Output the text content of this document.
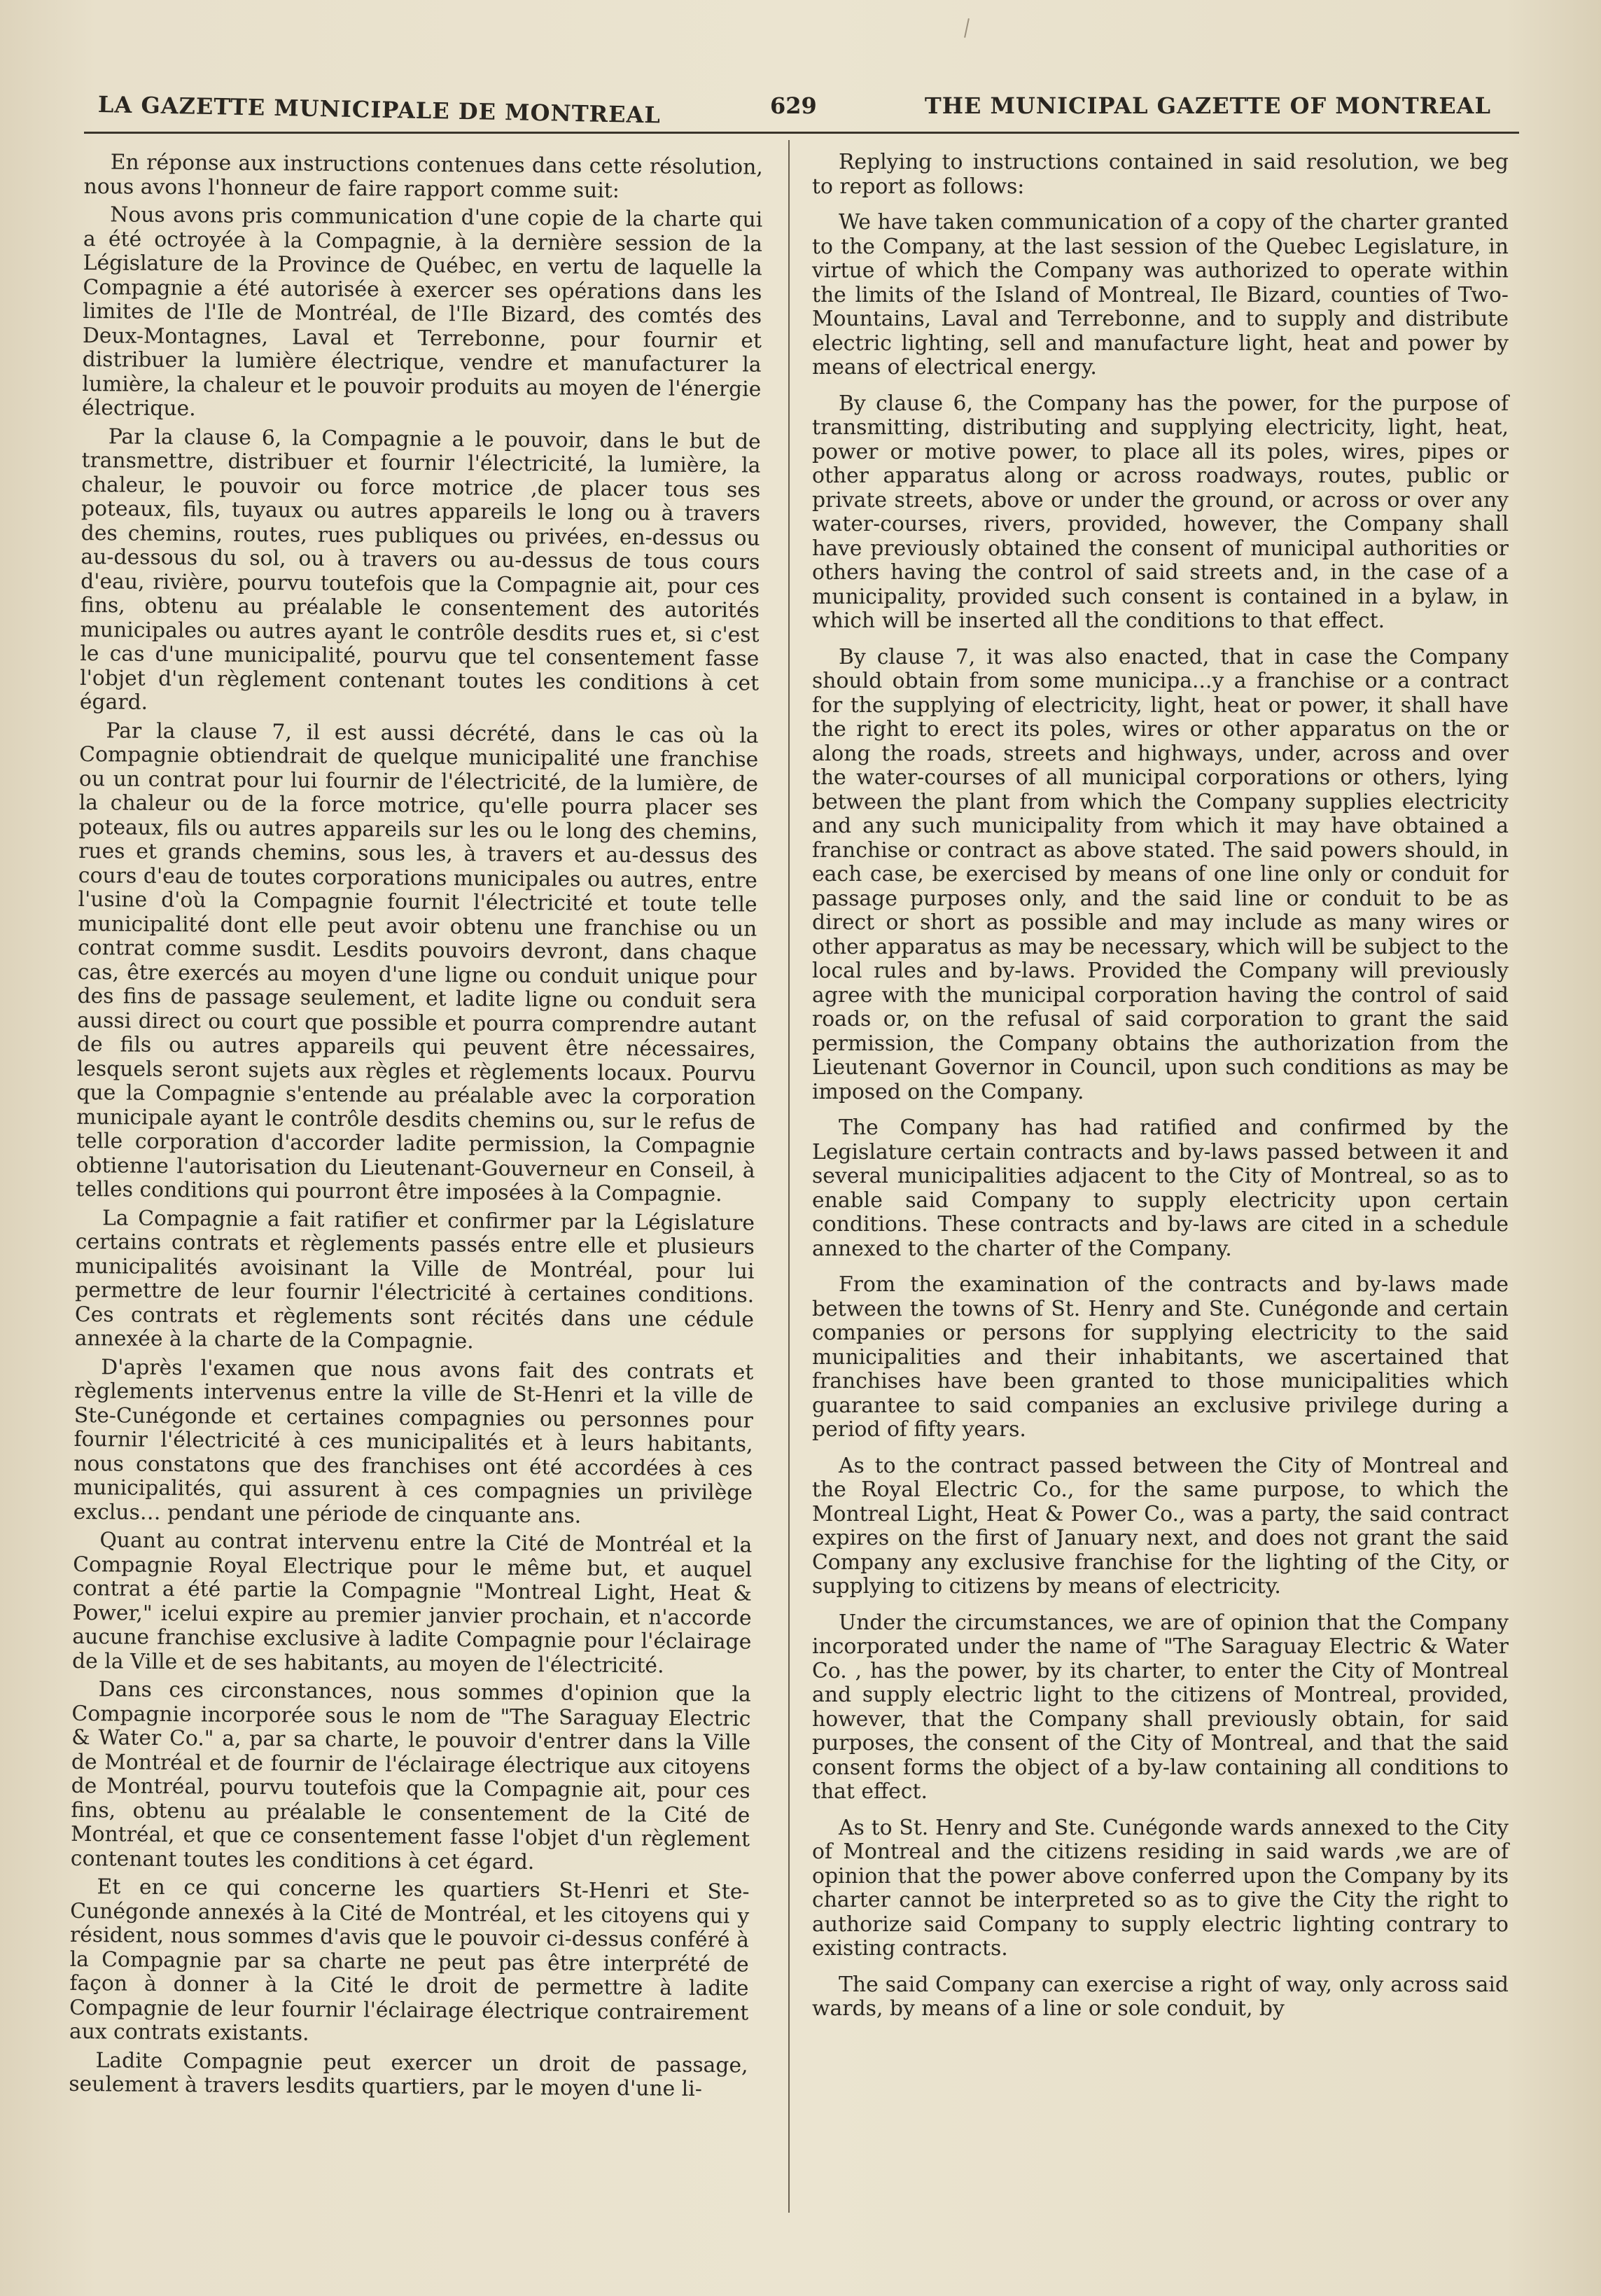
LA GAZETTE MUNICIPALE DE MONTREAL	629	THE MUNICIPAL GAZETTE OF MONTREAL

En réponse aux instructions contenues dans cette résolution, nous avons l'honneur de faire rapport comme suit:

Nous avons pris communication d'une copie de la charte qui a été octroyée à la Compagnie, à la dernière session de la Législature de la Province de Québec, en vertu de laquelle la Compagnie a été autorisée à exercer ses opérations dans les limites de l'Ile de Montréal, de l'Ile Bizard, des comtés des Deux-Montagnes, Laval et Terrebonne, pour fournir et distribuer la lumière électrique, vendre et manufacturer la lumière, la chaleur et le pouvoir produits au moyen de l'énergie électrique.

Par la clause 6, la Compagnie a le pouvoir, dans le but de transmettre, distribuer et fournir l'électricité, la lumière, la chaleur, le pouvoir ou force motrice ,de placer tous ses poteaux, fils, tuyaux ou autres appareils le long ou à travers des chemins, routes, rues publiques ou privées, en-dessus ou au-dessous du sol, ou à travers ou au-dessus de tous cours d'eau, rivière, pourvu toutefois que la Compagnie ait, pour ces fins, obtenu au préalable le consentement des autorités municipales ou autres ayant le contrôle desdits rues et, si c'est le cas d'une municipalité, pourvu que tel consentement fasse l'objet d'un règlement contenant toutes les conditions à cet égard.

Par la clause 7, il est aussi décrété, dans le cas où la Compagnie obtiendrait de quelque municipalité une franchise ou un contrat pour lui fournir de l'électricité, de la lumière, de la chaleur ou de la force motrice, qu'elle pourra placer ses poteaux, fils ou autres appareils sur les ou le long des chemins, rues et grands chemins, sous les, à travers et au-dessus des cours d'eau de toutes corporations municipales ou autres, entre l'usine d'où la Compagnie fournit l'électricité et toute telle municipalité dont elle peut avoir obtenu une franchise ou un contrat comme susdit. Lesdits pouvoirs devront, dans chaque cas, être exercés au moyen d'une ligne ou conduit unique pour des fins de passage seulement, et ladite ligne ou conduit sera aussi direct ou court que possible et pourra comprendre autant de fils ou autres appareils qui peuvent être nécessaires, lesquels seront sujets aux règles et règlements locaux. Pourvu que la Compagnie s'entende au préalable avec la corporation municipale ayant le contrôle desdits chemins ou, sur le refus de telle corporation d'accorder ladite permission, la Compagnie obtienne l'autorisation du Lieutenant-Gouverneur en Conseil, à telles conditions qui pourront être imposées à la Compagnie.

La Compagnie a fait ratifier et confirmer par la Législature certains contrats et règlements passés entre elle et plusieurs municipalités avoisinant la Ville de Montréal, pour lui permettre de leur fournir l'électricité à certaines conditions. Ces contrats et règlements sont récités dans une cédule annexée à la charte de la Compagnie.

D'après l'examen que nous avons fait des contrats et règlements intervenus entre la ville de St-Henri et la ville de Ste-Cunégonde et certaines compagnies ou personnes pour fournir l'électricité à ces municipalités et à leurs habitants, nous constatons que des franchises ont été accordées à ces municipalités, qui assurent à ces compagnies un privilège exclus… pendant une période de cinquante ans.

Quant au contrat intervenu entre la Cité de Montréal et la Compagnie Royal Electrique pour le même but, et auquel contrat a été partie la Compagnie "Montreal Light, Heat & Power," icelui expire au premier janvier prochain, et n'accorde aucune franchise exclusive à ladite Compagnie pour l'éclairage de la Ville et de ses habitants, au moyen de l'électricité.

Dans ces circonstances, nous sommes d'opinion que la Compagnie incorporée sous le nom de "The Saraguay Electric & Water Co." a, par sa charte, le pouvoir d'entrer dans la Ville de Montréal et de fournir de l'éclairage électrique aux citoyens de Montréal, pourvu toutefois que la Compagnie ait, pour ces fins, obtenu au préalable le consentement de la Cité de Montréal, et que ce consentement fasse l'objet d'un règlement contenant toutes les conditions à cet égard.

Et en ce qui concerne les quartiers St-Henri et Ste-Cunégonde annexés à la Cité de Montréal, et les citoyens qui y résident, nous sommes d'avis que le pouvoir ci-dessus conféré à la Compagnie par sa charte ne peut pas être interprété de façon à donner à la Cité le droit de permettre à ladite Compagnie de leur fournir l'éclairage électrique contrairement aux contrats existants.

Ladite Compagnie peut exercer un droit de passage, seulement à travers lesdits quartiers, par le moyen d'une li-

Replying to instructions contained in said resolution, we beg to report as follows:

We have taken communication of a copy of the charter granted to the Company, at the last session of the Quebec Legislature, in virtue of which the Company was authorized to operate within the limits of the Island of Montreal, Ile Bizard, counties of Two-Mountains, Laval and Terrebonne, and to supply and distribute electric lighting, sell and manufacture light, heat and power by means of electrical energy.

By clause 6, the Company has the power, for the purpose of transmitting, distributing and supplying electricity, light, heat, power or motive power, to place all its poles, wires, pipes or other apparatus along or across roadways, routes, public or private streets, above or under the ground, or across or over any water-courses, rivers, provided, however, the Company shall have previously obtained the consent of municipal authorities or others having the control of said streets and, in the case of a municipality, provided such consent is contained in a bylaw, in which will be inserted all the conditions to that effect.

By clause 7, it was also enacted, that in case the Company should obtain from some municipa...y a franchise or a contract for the supplying of electricity, light, heat or power, it shall have the right to erect its poles, wires or other apparatus on the or along the roads, streets and highways, under, across and over the water-courses of all municipal corporations or others, lying between the plant from which the Company supplies electricity and any such municipality from which it may have obtained a franchise or contract as above stated. The said powers should, in each case, be exercised by means of one line only or conduit for passage purposes only, and the said line or conduit to be as direct or short as possible and may include as many wires or other apparatus as may be necessary, which will be subject to the local rules and by-laws. Provided the Company will previously agree with the municipal corporation having the control of said roads or, on the refusal of said corporation to grant the said permission, the Company obtains the authorization from the Lieutenant Governor in Council, upon such conditions as may be imposed on the Company.

The Company has had ratified and confirmed by the Legislature certain contracts and by-laws passed between it and several municipalities adjacent to the City of Montreal, so as to enable said Company to supply electricity upon certain conditions. These contracts and by-laws are cited in a schedule annexed to the charter of the Company.

From the examination of the contracts and by-laws made between the towns of St. Henry and Ste. Cunégonde and certain companies or persons for supplying electricity to the said municipalities and their inhabitants, we ascertained that franchises have been granted to those municipalities which guarantee to said companies an exclusive privilege during a period of fifty years.

As to the contract passed between the City of Montreal and the Royal Electric Co., for the same purpose, to which the Montreal Light, Heat & Power Co., was a party, the said contract expires on the first of January next, and does not grant the said Company any exclusive franchise for the lighting of the City, or supplying to citizens by means of electricity.

Under the circumstances, we are of opinion that the Company incorporated under the name of "The Saraguay Electric & Water Co. , has the power, by its charter, to enter the City of Montreal and supply electric light to the citizens of Montreal, provided, however, that the Company shall previously obtain, for said purposes, the consent of the City of Montreal, and that the said consent forms the object of a by-law containing all conditions to that effect.

As to St. Henry and Ste. Cunégonde wards annexed to the City of Montreal and the citizens residing in said wards ,we are of opinion that the power above conferred upon the Company by its charter cannot be interpreted so as to give the City the right to authorize said Company to supply electric lighting contrary to existing contracts.

The said Company can exercise a right of way, only across said wards, by means of a line or sole conduit, by
